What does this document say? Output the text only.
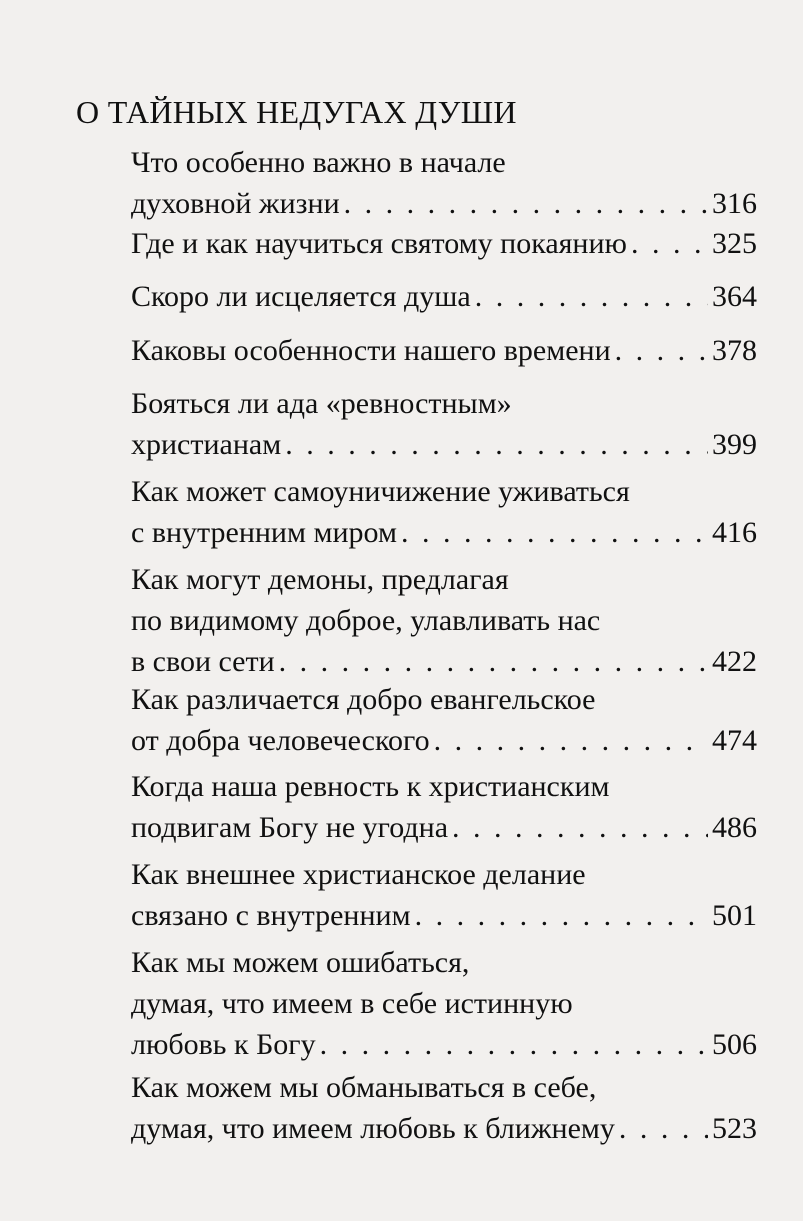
О ТАЙНЫХ НЕДУГАХ ДУШИ
Что особенно важно в начале
духовной жизни . . .	316
Где и как научиться святому покаянию . . .	325
Скоро ли исцеляется душа . . .	364
Каковы особенности нашего времени . . .	378
Бояться ли ада «ревностным»
христианам . . .	399
Как может самоуничижение уживаться
с внутренним миром . . .	416
Как могут демоны, предлагая
по видимому доброе, улавливать нас
в свои сети . . .	422
Как различается добро евангельское
от добра человеческого . . .	474
Когда наша ревность к христианским
подвигам Богу не угодна . . .	486
Как внешнее христианское делание
связано с внутренним . . .	501
Как мы можем ошибаться,
думая, что имеем в себе истинную
любовь к Богу . . .	506
Как можем мы обманываться в себе,
думая, что имеем любовь к ближнему . . .	523
